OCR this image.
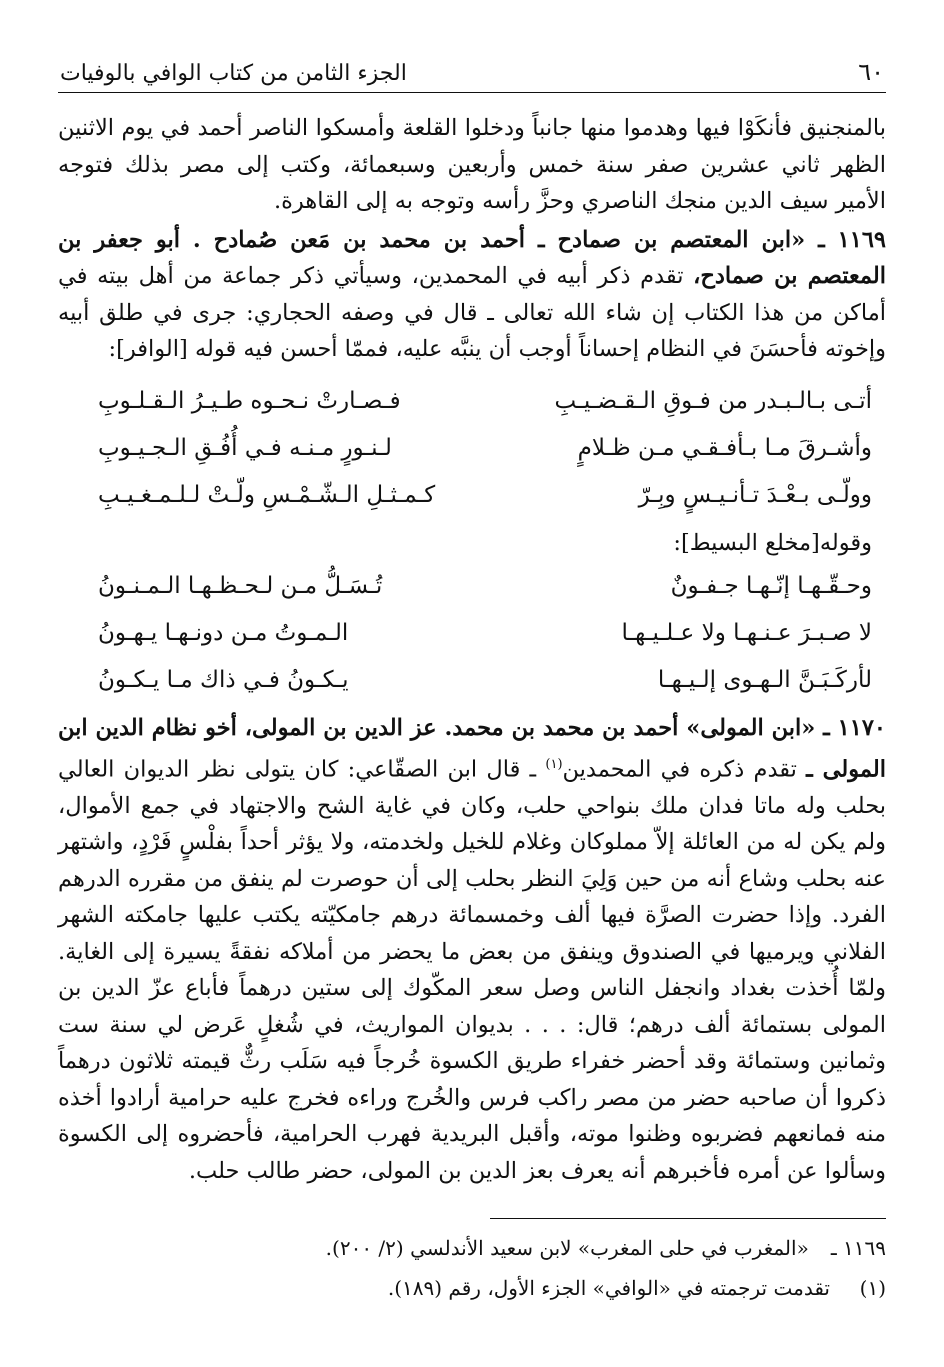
٦٠
الجزء الثامن من كتاب الوافي بالوفيات

بالمنجنيق فأنكَوْا فيها وهدموا منها جانباً ودخلوا القلعة وأمسكوا الناصر أحمد في يوم الاثنين الظهر ثاني عشرين صفر سنة خمس وأربعين وسبعمائة، وكتب إلى مصر بذلك فتوجه الأمير سيف الدين منجك الناصري وحزَّ رأسه وتوجه به إلى القاهرة.

١١٦٩ ـ «ابن المعتصم بن صمادح ـ أحمد بن محمد بن مَعن صُمادح . أبو جعفر بن المعتصم بن صمادح، تقدم ذكر أبيه في المحمدين، وسيأتي ذكر جماعة من أهل بيته في أماكن من هذا الكتاب إن شاء الله تعالى ـ قال في وصفه الحجاري: جرى في طلق أبيه وإخوته فأحسَنَ في النظام إحساناً أوجب أن ينبَّه عليه، فممّا أحسن فيه قوله [الوافر]:

أتـى بـالـبـدر من فـوقِ الـقـضـيـبِ
فـصـارتْ نـحـوه طـيـرُ الـقـلـوبِ
وأشـرقَ مـا بـأفـقـي مـن ظـلامٍ
لـنـورٍ مـنـه فـي أُفُـقِ الـجـيـوبِ
وولّـى بـعْـدَ تـأنـيـسٍ وبِـرّ
كـمـثـلِ الـشّـمْـسِ ولّـتْ لـلـمـغـيـبِ

وقوله[مخلع البسيط]:

وحـقّـهـا إنّـهـا جـفـونٌ
تُـسَـلُّ مـن لـحـظـهـا الـمـنـونُ
لا صـبـرَ عـنـهـا ولا عـلـيـهـا
الـمـوتُ مـن دونـهـا يـهـونُ
لأركَـبَـنَّ الـهـوى إلـيـهـا
يـكـونُ فـي ذاك مـا يـكـونُ

١١٧٠ ـ «ابن المولى» أحمد بن محمد بن محمد. عز الدين بن المولى، أخو نظام الدين ابن المولى ـ تقدم ذكره في المحمدين$^{(١)}$ ـ قال ابن الصقّاعي: كان يتولى نظر الديوان العالي بحلب وله ماتا فدان ملك بنواحي حلب، وكان في غاية الشح والاجتهاد في جمع الأموال، ولم يكن له من العائلة إلاّ مملوكان وغلام للخيل ولخدمته، ولا يؤثر أحداً بفلْسٍ فَرْدٍ، واشتهر عنه بحلب وشاع أنه من حين وَلِيَ النظر بحلب إلى أن حوصرت لم ينفق من مقرره الدرهم الفرد. وإذا حضرت الصرَّة فيها ألف وخمسمائة درهم جامكيّته يكتب عليها جامكته الشهر الفلاني ويرميها في الصندوق وينفق من بعض ما يحضر من أملاكه نفقةً يسيرة إلى الغاية. ولمّا أُخذت بغداد وانجفل الناس وصل سعر المكّوك إلى ستين درهماً فأباع عزّ الدين بن المولى بستمائة ألف درهم؛ قال: . . . بديوان المواريث، في شُغلٍ عَرض لي سنة ست وثمانين وستمائة وقد أحضر خفراء طريق الكسوة خُرجاً فيه سَلَب رثٌّ قيمته ثلاثون درهماً ذكروا أن صاحبه حضر من مصر راكب فرس والخُرج وراءه فخرج عليه حرامية أرادوا أخذه منه فمانعهم فضربوه وظنوا موته، وأقبل البريدية فهرب الحرامية، فأحضروه إلى الكسوة وسألوا عن أمره فأخبرهم أنه يعرف بعز الدين بن المولى، حضر طالب حلب.

١١٦٩ ـ
«المغرب في حلى المغرب» لابن سعيد الأندلسي (٢/ ٢٠٠).
(١)
تقدمت ترجمته في «الوافي» الجزء الأول، رقم (١٨٩).
